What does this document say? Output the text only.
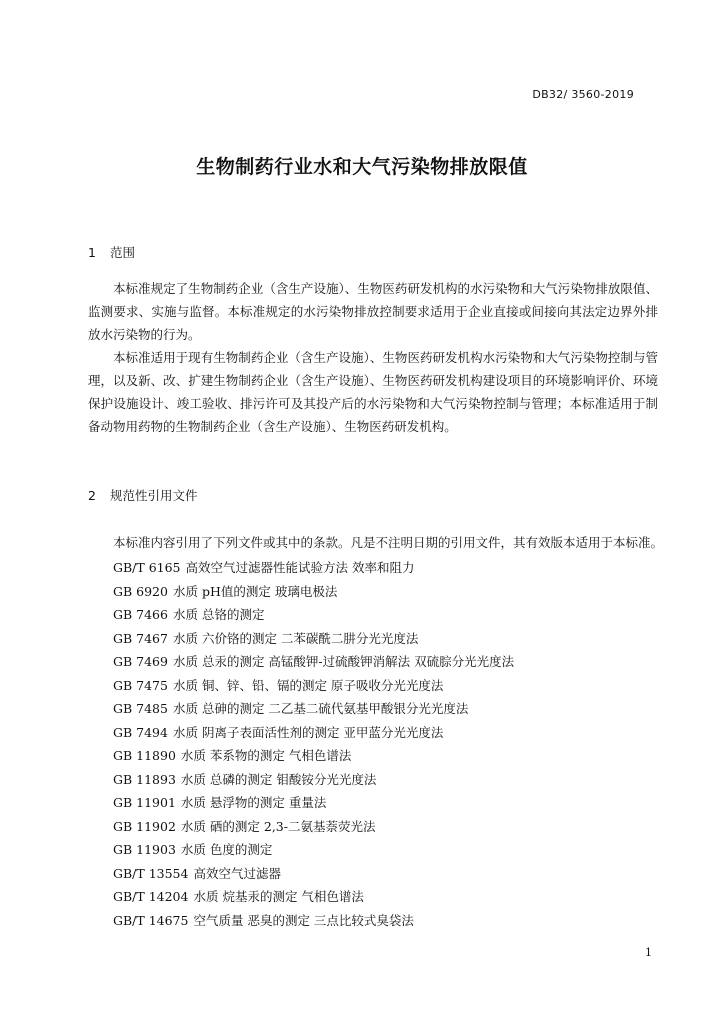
DB32/ 3560-2019
生物制药行业水和大气污染物排放限值
1 范围

本标准规定了生物制药企业（含生产设施）、生物医药研发机构的水污染物和大气污染物排放限值、监测要求、实施与监督。本标准规定的水污染物排放控制要求适用于企业直接或间接向其法定边界外排放水污染物的行为。

本标准适用于现有生物制药企业（含生产设施）、生物医药研发机构水污染物和大气污染物控制与管理，以及新、改、扩建生物制药企业（含生产设施）、生物医药研发机构建设项目的环境影响评价、环境保护设施设计、竣工验收、排污许可及其投产后的水污染物和大气污染物控制与管理；本标准适用于制备动物用药物的生物制药企业（含生产设施）、生物医药研发机构。

2 规范性引用文件
本标准内容引用了下列文件或其中的条款。凡是不注明日期的引用文件，其有效版本适用于本标准。
GB/T 6165 高效空气过滤器性能试验方法 效率和阻力
GB 6920 水质 pH值的测定 玻璃电极法
GB 7466 水质 总铬的测定
GB 7467 水质 六价铬的测定 二苯碳酰二肼分光光度法
GB 7469 水质 总汞的测定 高锰酸钾-过硫酸钾消解法 双硫腙分光光度法
GB 7475 水质 铜、锌、铅、镉的测定 原子吸收分光光度法
GB 7485 水质 总砷的测定 二乙基二硫代氨基甲酸银分光光度法
GB 7494 水质 阴离子表面活性剂的测定 亚甲蓝分光光度法
GB 11890 水质 苯系物的测定 气相色谱法
GB 11893 水质 总磷的测定 钼酸铵分光光度法
GB 11901 水质 悬浮物的测定 重量法
GB 11902 水质 硒的测定 2,3-二氨基萘荧光法
GB 11903 水质 色度的测定
GB/T 13554 高效空气过滤器
GB/T 14204 水质 烷基汞的测定 气相色谱法
GB/T 14675 空气质量 恶臭的测定 三点比较式臭袋法
1
